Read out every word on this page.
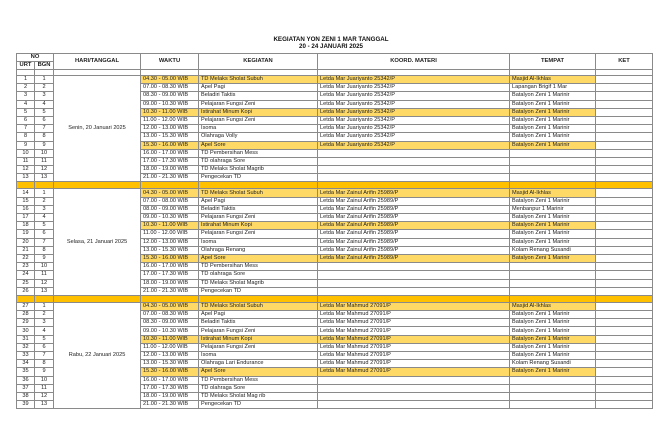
KEGIATAN YON ZENI 1 MAR TANGGAL
20 - 24 JANUARI 2025
NO		HARI/TANGGAL	WAKTU	KEGIATAN	KOORD. MATERI	TEMPAT	KET
URT	BGN						

1	1	Senin, 20 Januari 2025	04.30 - 05.00 WIB	TD Melaks Sholat Subuh	Letda Mar Juariyanto 25342/P	Masjid Al-Ikhlas	
2	2		07.00 - 08.30 WIB	Apel Pagi	Letda Mar Juariyanto 25342/P	Lapangan Brigif 1 Mar	
3	3		08.30 - 09.00 WIB	Beladiri Taktis	Letda Mar Juariyanto 25342/P	Batalyon Zeni 1 Marinir	
4	4		09.00 - 10.30 WIB	Pelajaran Fungsi Zeni	Letda Mar Juariyanto 25342/P	Batalyon Zeni 1 Marinir	
5	5		10.30 - 11.00 WIB	Istirahat Minum Kopi	Letda Mar Juariyanto 25342/P	Batalyon Zeni 1 Marinir	
6	6		11.00 - 12.00 WIB	Pelajaran Fungsi Zeni	Letda Mar Juariyanto 25342/P	Batalyon Zeni 1 Marinir	
7	7		12.00 - 13.00 WIB	Isoma	Letda Mar Juariyanto 25342/P	Batalyon Zeni 1 Marinir	
8	8		13.00 - 15.30 WIB	Olahraga Volly	Letda Mar Juariyanto 25342/P	Batalyon Zeni 1 Marinir	
9	9		15.30 - 16.00 WIB	Apel Sore	Letda Mar Juariyanto 25342/P	Batalyon Zeni 1 Marinir	
10	10		16.00 - 17.00 WIB	TD Pembersihan Mess			
11	11		17.00 - 17.30 WIB	TD olahraga Sore			
12	12		18.00 - 19.00 WIB	TD Melaks Sholat Magrib			
13	13		21.00 - 21.30 WIB	Pengecekan TD			

14	1	Selasa, 21 Januari 2025	04.30 - 05.00 WIB	TD Melaks Sholat Subuh	Letda Mar Zainul Arifin 25989/P	Masjid Al-Ikhlas	
15	2		07.00 - 08.00 WIB	Apel Pagi	Letda Mar Zainul Arifin 25989/P	Batalyon Zeni 1 Marinir	
16	3		08.00 - 09.00 WIB	Beladiri Taktis	Letda Mar Zainul Arifin 25989/P	Menbanpur 1 Marinir	
17	4		09.00 - 10.30 WIB	Pelajaran Fungsi Zeni	Letda Mar Zainul Arifin 25989/P	Batalyon Zeni 1 Marinir	
18	5		10.30 - 11.00 WIB	Istirahat Minum Kopi	Letda Mar Zainul Arifin 25989/P	Batalyon Zeni 1 Marinir	
19	6		11.00 - 12.00 WIB	Pelajaran Fungsi Zeni	Letda Mar Zainul Arifin 25989/P	Batalyon Zeni 1 Marinir	
20	7		12.00 - 13.00 WIB	Isoma	Letda Mar Zainul Arifin 25989/P	Batalyon Zeni 1 Marinir	
21	8		13.00 - 15.30 WIB	Olahraga Renang	Letda Mar Zainul Arifin 25989/P	Kolam Renang Susandi	
22	9		15.30 - 16.00 WIB	Apel Sore	Letda Mar Zainul Arifin 25989/P	Batalyon Zeni 1 Marinir	
23	10		16.00 - 17.00 WIB	TD Pembersihan Mess			
24	11		17.00 - 17.30 WIB	TD olahraga Sore			
25	12		18.00 - 19.00 WIB	TD Melaks Sholat Magrib			
26	13		21.00 - 21.30 WIB	Pengecekan TD			

27	1	Rabu, 22 Januari 2025	04.30 - 05.00 WIB	TD Melaks Sholat Subuh	Letda Mar Mahmud 27091/P	Masjid Al-Ikhlas	
28	2		07.00 - 08.30 WIB	Apel Pagi	Letda Mar Mahmud 27091/P	Batalyon Zeni 1 Marinir	
29	3		08.30 - 09.00 WIB	Beladiri Taktis	Letda Mar Mahmud 27091/P	Batalyon Zeni 1 Marinir	
30	4		09.00 - 10.30 WIB	Pelajaran Fungsi Zeni	Letda Mar Mahmud 27091/P	Batalyon Zeni 1 Marinir	
31	5		10.30 - 11.00 WIB	Istirahat Minum Kopi	Letda Mar Mahmud 27091/P	Batalyon Zeni 1 Marinir	
32	6		11.00 - 12.00 WIB	Pelajaran Fungsi Zeni	Letda Mar Mahmud 27091/P	Batalyon Zeni 1 Marinir	
33	7		12.00 - 13.00 WIB	Isoma	Letda Mar Mahmud 27091/P	Batalyon Zeni 1 Marinir	
34	8		13.00 - 15.30 WIB	Olahraga Lari Endurance	Letda Mar Mahmud 27091/P	Kolam Renang Susandi	
35	9		15.30 - 16.00 WIB	Apel Sore	Letda Mar Mahmud 27091/P	Batalyon Zeni 1 Marinir	
36	10		16.00 - 17.00 WIB	TD Pembersihan Mess			
37	11		17.00 - 17.30 WIB	TD olahraga Sore			
38	12		18.00 - 19.00 WIB	TD Melaks Sholat Mag rib			
39	13		21.00 - 21.30 WIB	Pengecekan TD			
